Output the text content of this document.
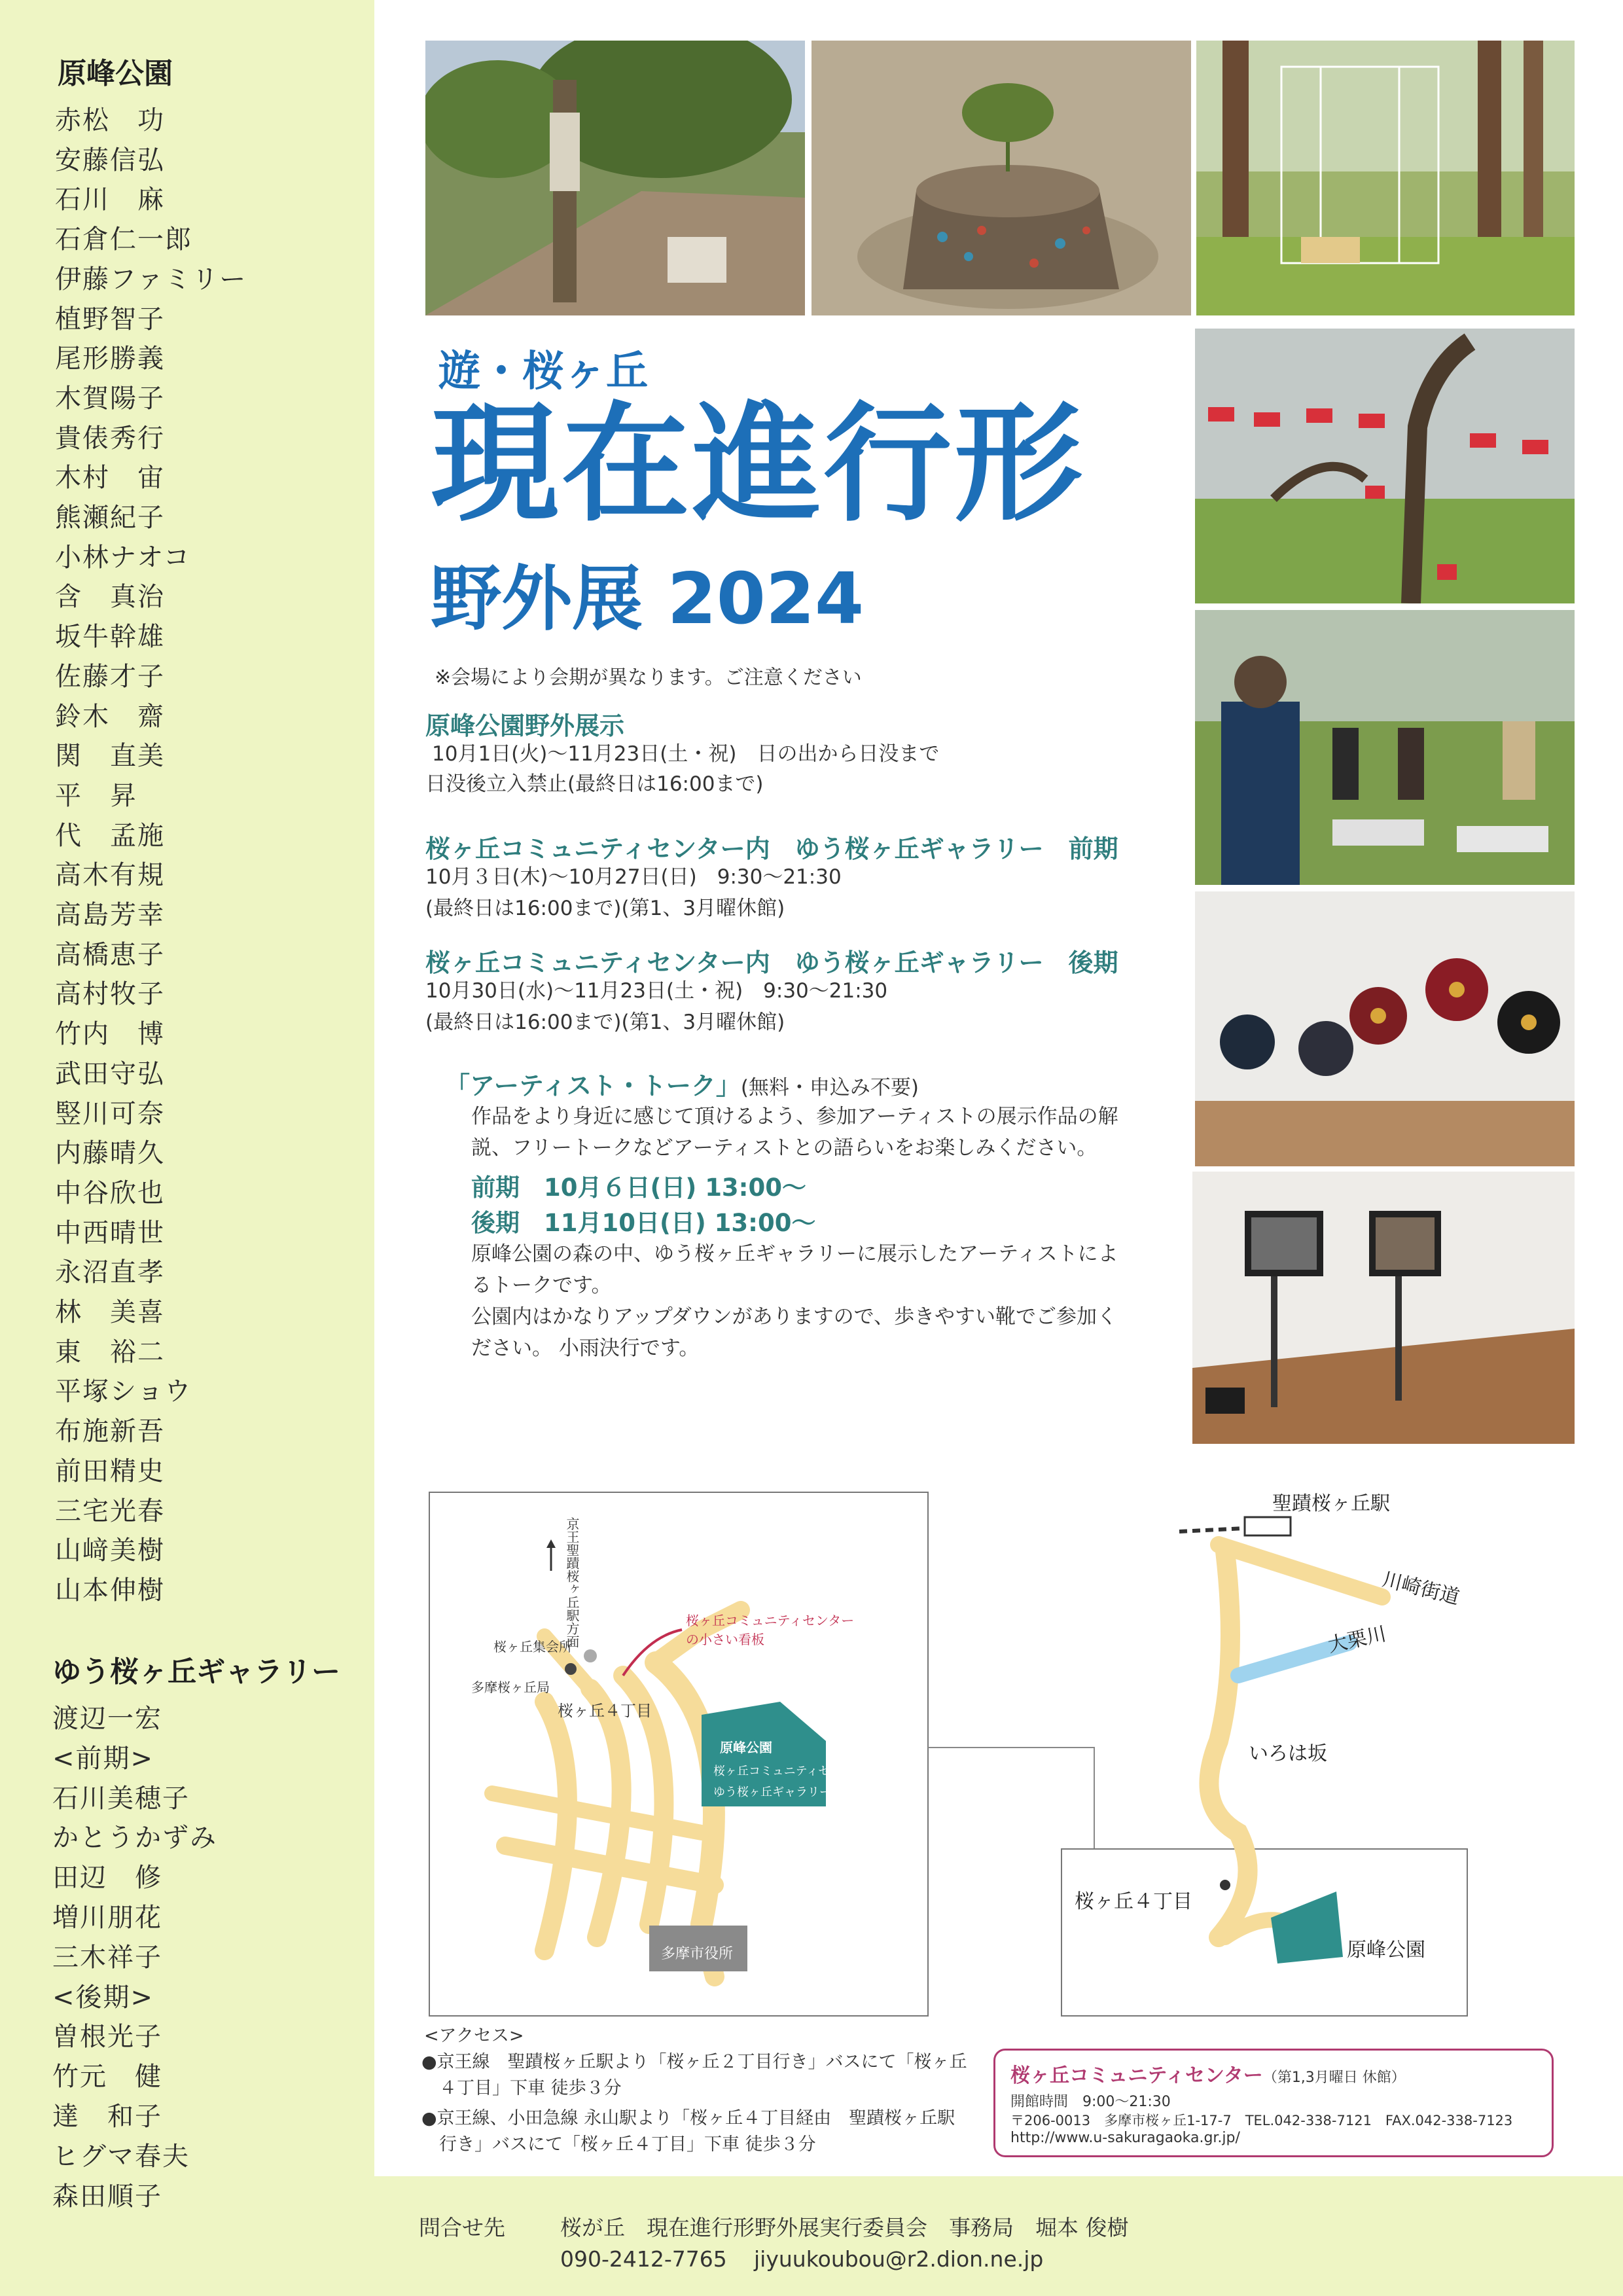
原峰公園
赤松　功
安藤信弘
石川　麻
石倉仁一郎
伊藤ファミリー
植野智子
尾形勝義
木賀陽子
貴俵秀行
木村　宙
熊瀬紀子
小林ナオコ
含　真治
坂牛幹雄
佐藤才子
鈴木　齋
関　直美
平　昇
代　孟施
高木有規
高島芳幸
高橋恵子
高村牧子
竹内　博
武田守弘
竪川可奈
内藤晴久
中谷欣也
中西晴世
永沼直孝
林　美喜
東　裕二
平塚ショウ
布施新吾
前田精史
三宅光春
山﨑美樹
山本伸樹
ゆう桜ヶ丘ギャラリー
渡辺一宏
<前期>
石川美穂子
かとうかずみ
田辺　修
増川朋花
三木祥子
<後期>
曽根光子
竹元　健
達　和子
ヒグマ春夫
森田順子
遊・桜ヶ丘
現在進行形
野外展 2024
※会場により会期が異なります。ご注意ください
原峰公園野外展示
10月1日(火)〜11月23日(土・祝)　日の出から日没まで
日没後立入禁止(最終日は16:00まで)
桜ヶ丘コミュニティセンター内　ゆう桜ヶ丘ギャラリー　前期
10月３日(木)〜10月27日(日)　9:30〜21:30
(最終日は16:00まで)(第1、3月曜休館)
桜ヶ丘コミュニティセンター内　ゆう桜ヶ丘ギャラリー　後期
10月30日(水)〜11月23日(土・祝)　9:30〜21:30
(最終日は16:00まで)(第1、3月曜休館)
「アーティスト・トーク」(無料・申込み不要)
作品をより身近に感じて頂けるよう、参加アーティストの展示作品の解
説、フリートークなどアーティストとの語らいをお楽しみください。
前期　10月６日(日) 13:00〜
後期　11月10日(日) 13:00〜
原峰公園の森の中、ゆう桜ヶ丘ギャラリーに展示したアーティストによ
るトークです。
公園内はかなりアップダウンがありますので、歩きやすい靴でご参加く
ださい。 小雨決行です。
京王聖蹟桜ヶ丘駅方面	桜ヶ丘コミュニティセンターの小さい看板
桜ヶ丘集会所
多摩桜ヶ丘局
桜ヶ丘４丁目
原峰公園
桜ヶ丘コミュニティセンター
ゆう桜ヶ丘ギャラリー
多摩市役所
聖蹟桜ヶ丘駅
川崎街道
大栗川
いろは坂
桜ヶ丘４丁目
原峰公園
<アクセス>
●京王線　聖蹟桜ヶ丘駅より「桜ヶ丘２丁目行き」バスにて「桜ヶ丘
　４丁目」下車 徒歩３分
●京王線、小田急線 永山駅より「桜ヶ丘４丁目経由　聖蹟桜ヶ丘駅
　行き」バスにて「桜ヶ丘４丁目」下車 徒歩３分
桜ヶ丘コミュニティセンター（第1,3月曜日 休館）
開館時間　9:00〜21:30
〒206-0013　多摩市桜ヶ丘1-17-7　TEL.042-338-7121　FAX.042-338-7123
http://www.u-sakuragaoka.gr.jp/
問合せ先	桜が丘　現在進行形野外展実行委員会　事務局　堀本 俊樹
090-2412-7765 jiyuukoubou@r2.dion.ne.jp
